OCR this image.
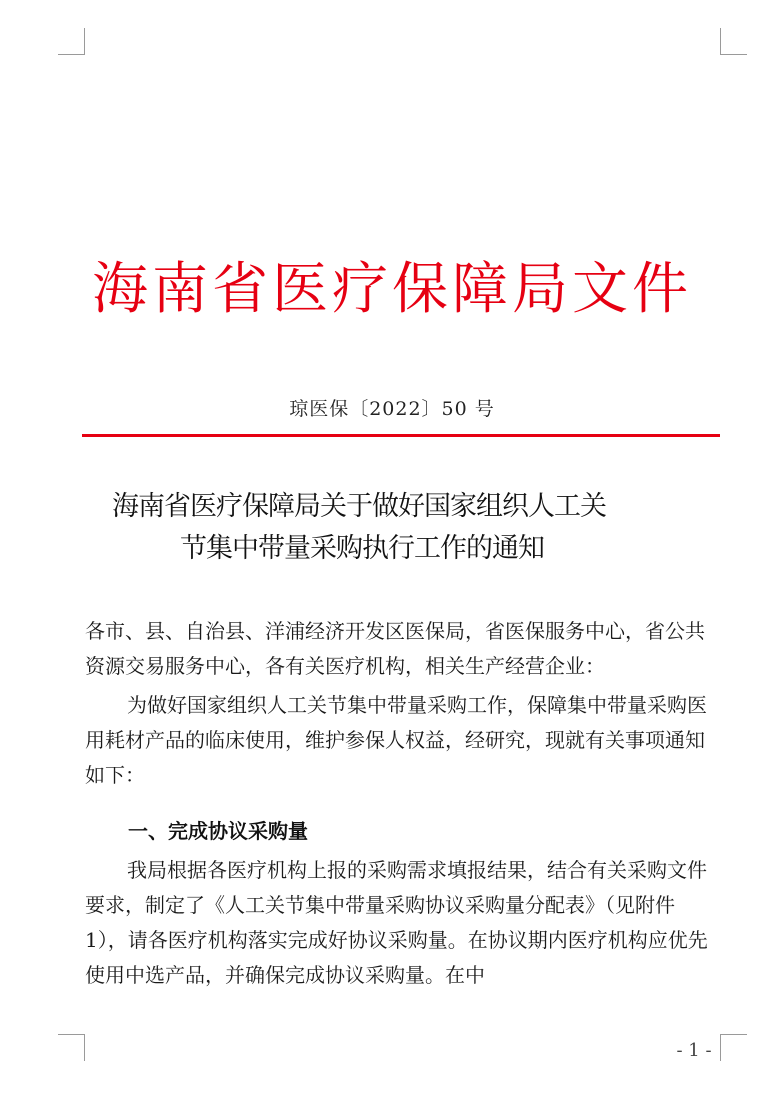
海南省医疗保障局文件
琼医保〔2022〕50 号
海南省医疗保障局关于做好国家组织人工关
节集中带量采购执行工作的通知
各市、县、自治县、洋浦经济开发区医保局，省医保服务中心，省公共资源交易服务中心，各有关医疗机构，相关生产经营企业：
为做好国家组织人工关节集中带量采购工作，保障集中带量采购医用耗材产品的临床使用，维护参保人权益，经研究，现就有关事项通知如下：
一、完成协议采购量
我局根据各医疗机构上报的采购需求填报结果，结合有关采购文件要求，制定了《人工关节集中带量采购协议采购量分配表》（见附件 1），请各医疗机构落实完成好协议采购量。在协议期内医疗机构应优先使用中选产品，并确保完成协议采购量。在中
- 1 -
